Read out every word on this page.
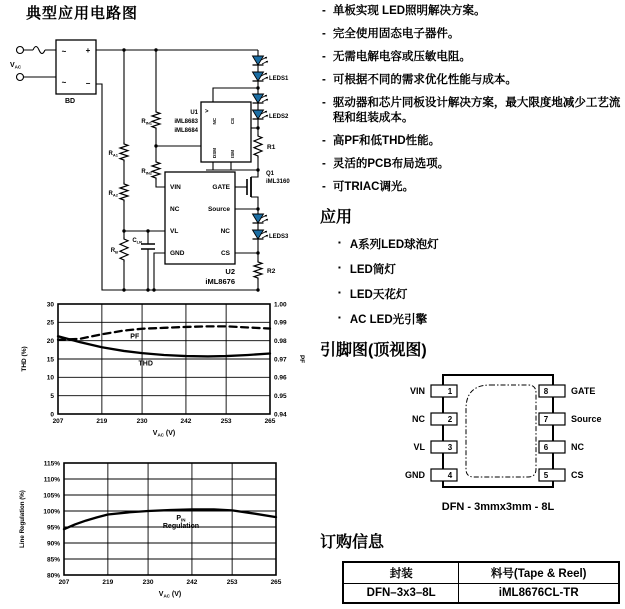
典型应用电路图
$V_{AC}$
BD
~
~
+
−
$R_{A1}$
$R_{A2}$
$R_B$
$C_{LR}$
$R_{IN1}$
$R_{IN2}$
U1
iML8683
iML8684
>
NC	CS
DSM	ISM
VIN
NC
VL
GND
GATE
Source
NC
CS
U2
iML8676
Q1
iML3160
LEDS1
LEDS2
LEDS3
R1
R2
207	219	230	242	253	265
0
5
10
15
20
25
30
0.94
0.95
0.96
0.97
0.98
0.99
1.00
THD
PF
$V_{AC}$ (V)
THD (%)	PF
207	219	230	242	253	265
80%
85%
90%
95%
100%
105%
110%
115%
$P_{IN}$
Regulation
$V_{AC}$ (V)
Line Regulation (%)
- 单板实现 LED照明解决方案。
- 完全使用固态电子器件。
- 无需电解电容或压敏电阻。
- 可根据不同的需求优化性能与成本。
- 驱动器和芯片同板设计解决方案，最大限度地减少工艺流程和组装成本。
- 高PF和低THD性能。
- 灵活的PCB布局选项。
- 可TRIAC调光。
应用
▪ A系列LED球泡灯
▪ LED筒灯
▪ LED天花灯
▪ AC LED光引擎
引脚图(顶视图)
1
VIN
2
NC
3
VL
4
GND
8	GATE
7	Source
6	NC
5	CS
DFN - 3mmx3mm - 8L
订购信息
封装	料号(Tape & Reel)
DFN–3x3–8L	iML8676CL-TR
